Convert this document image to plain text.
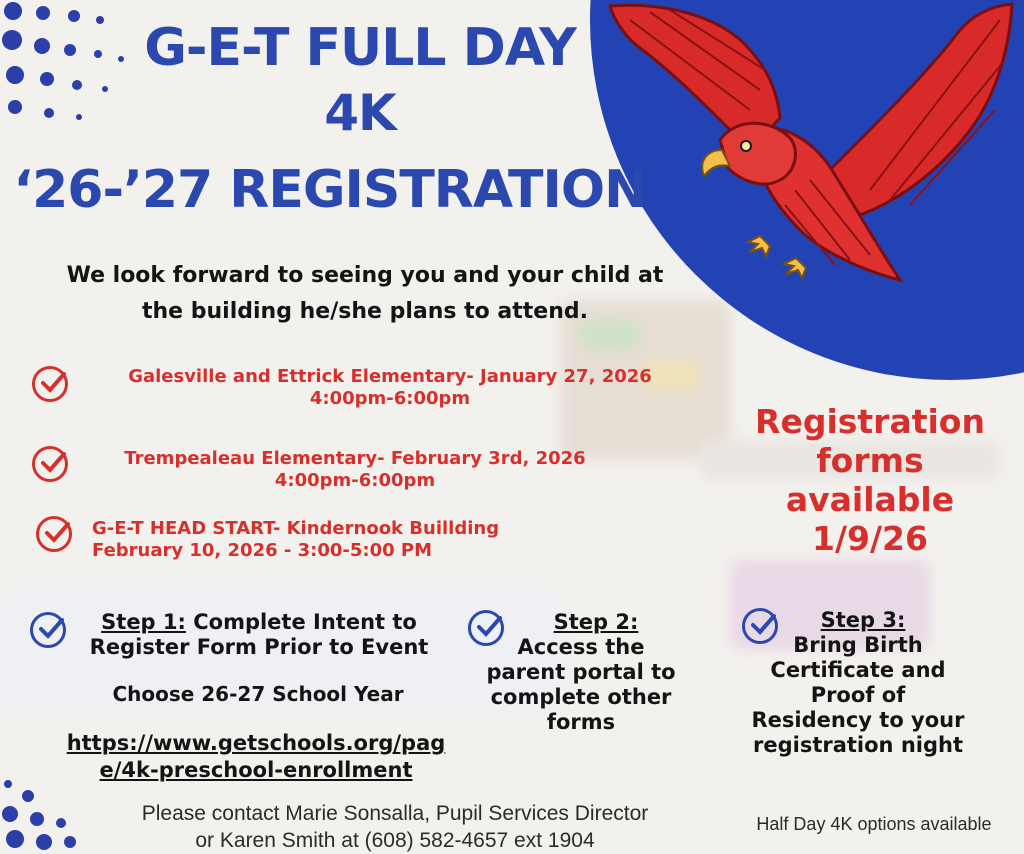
G-E-T FULL DAY
4K
‘26-’27 REGISTRATION
We look forward to seeing you and your child at
the building he/she plans to attend.
Galesville and Ettrick Elementary- January 27, 2026
4:00pm-6:00pm
Trempealeau Elementary- February 3rd, 2026
4:00pm-6:00pm
G-E-T HEAD START- Kindernook Buillding
February 10, 2026 - 3:00-5:00 PM
Registration
forms
available
1/9/26
Step 1: Complete Intent to
Register Form Prior to Event
Choose 26-27 School Year
https://www.getschools.org/pag
e/4k-preschool-enrollment
Step 2:
Access the
parent portal to
complete other
forms
Step 3:
Bring Birth
Certificate and
Proof of
Residency to your
registration night
Please contact Marie Sonsalla, Pupil Services Director
or Karen Smith at (608) 582-4657 ext 1904
Half Day 4K options available
